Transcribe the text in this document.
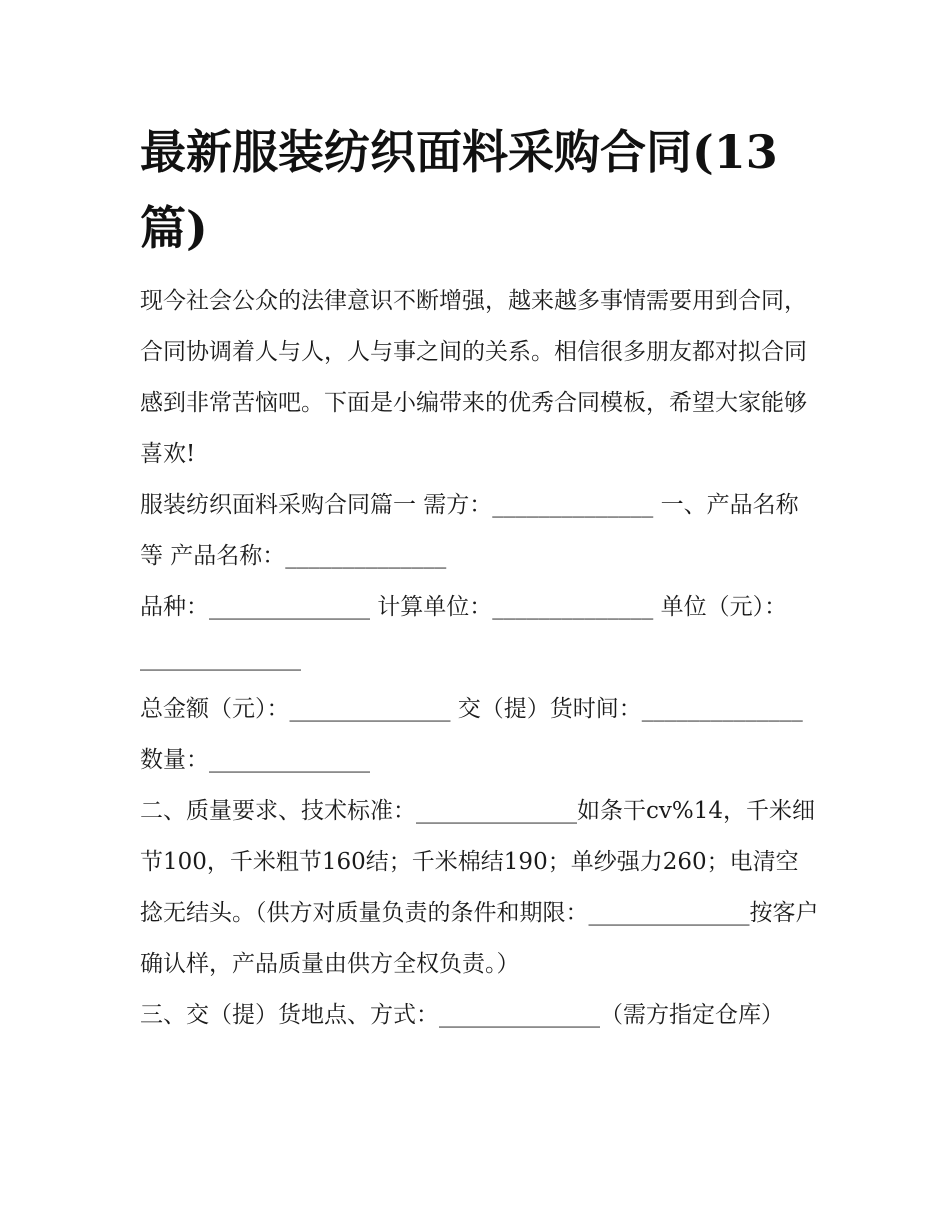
最新服装纺织面料采购合同(13篇)

现今社会公众的法律意识不断增强，越来越多事情需要用到合同，合同协调着人与人，人与事之间的关系。相信很多朋友都对拟合同感到非常苦恼吧。下面是小编带来的优秀合同模板，希望大家能够喜欢!

服装纺织面料采购合同篇一 需方：______________ 一、产品名称等 产品名称：______________

品种：______________ 计算单位：______________ 单位（元）：______________

总金额（元）：______________ 交（提）货时间：______________ 数量：______________

二、质量要求、技术标准：______________如条干cv%14，千米细节100，千米粗节160结；千米棉结190；单纱强力260；电清空捻无结头。（供方对质量负责的条件和期限：______________按客户确认样，产品质量由供方全权负责。）

三、交（提）货地点、方式：______________（需方指定仓库）
